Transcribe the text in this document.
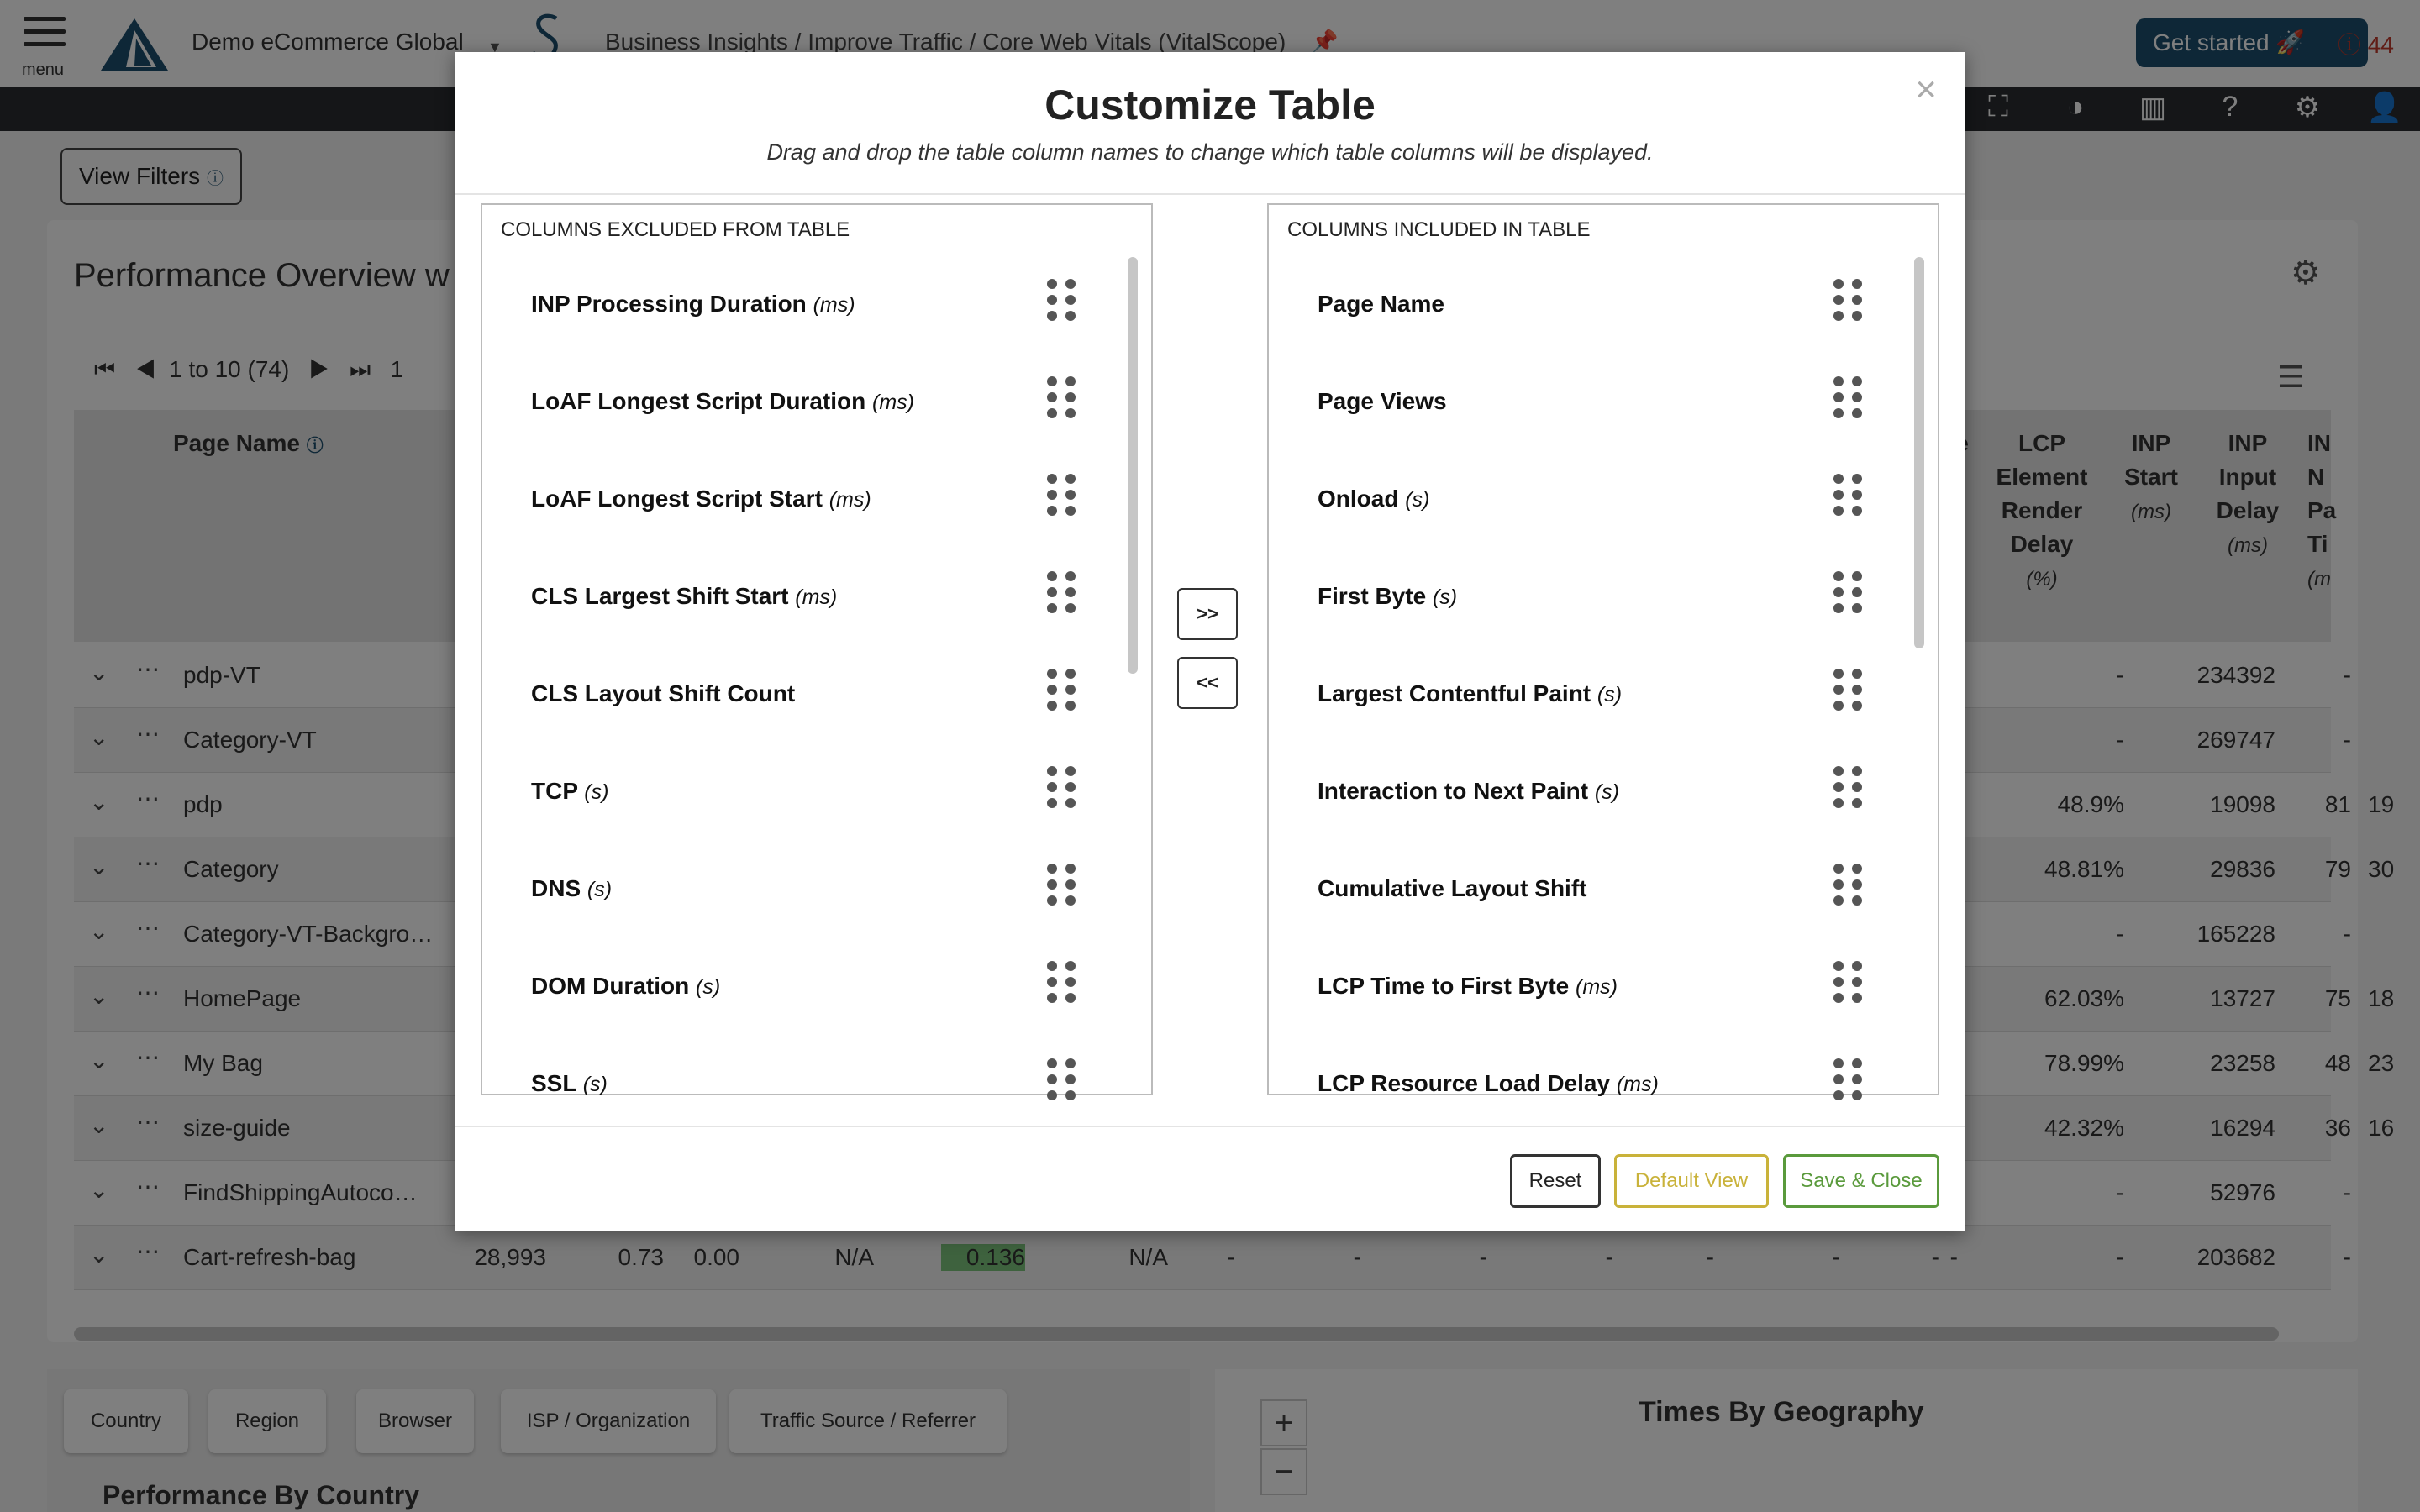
×
Customize Table
Drag and drop the table column names to change which table columns will be displayed.
COLUMNS EXCLUDED FROM TABLE
INP Processing Duration (ms)
LoAF Longest Script Duration (ms)
LoAF Longest Script Start (ms)
CLS Largest Shift Start (ms)
CLS Layout Shift Count
TCP (s)
DNS (s)
DOM Duration (s)
SSL (s)
>>
<<
COLUMNS INCLUDED IN TABLE
Page Name
Page Views
Onload (s)
First Byte (s)
Largest Contentful Paint (s)
Interaction to Next Paint (s)
Cumulative Layout Shift
LCP Time to First Byte (ms)
LCP Resource Load Delay (ms)
Reset	Default View	Save & Close
